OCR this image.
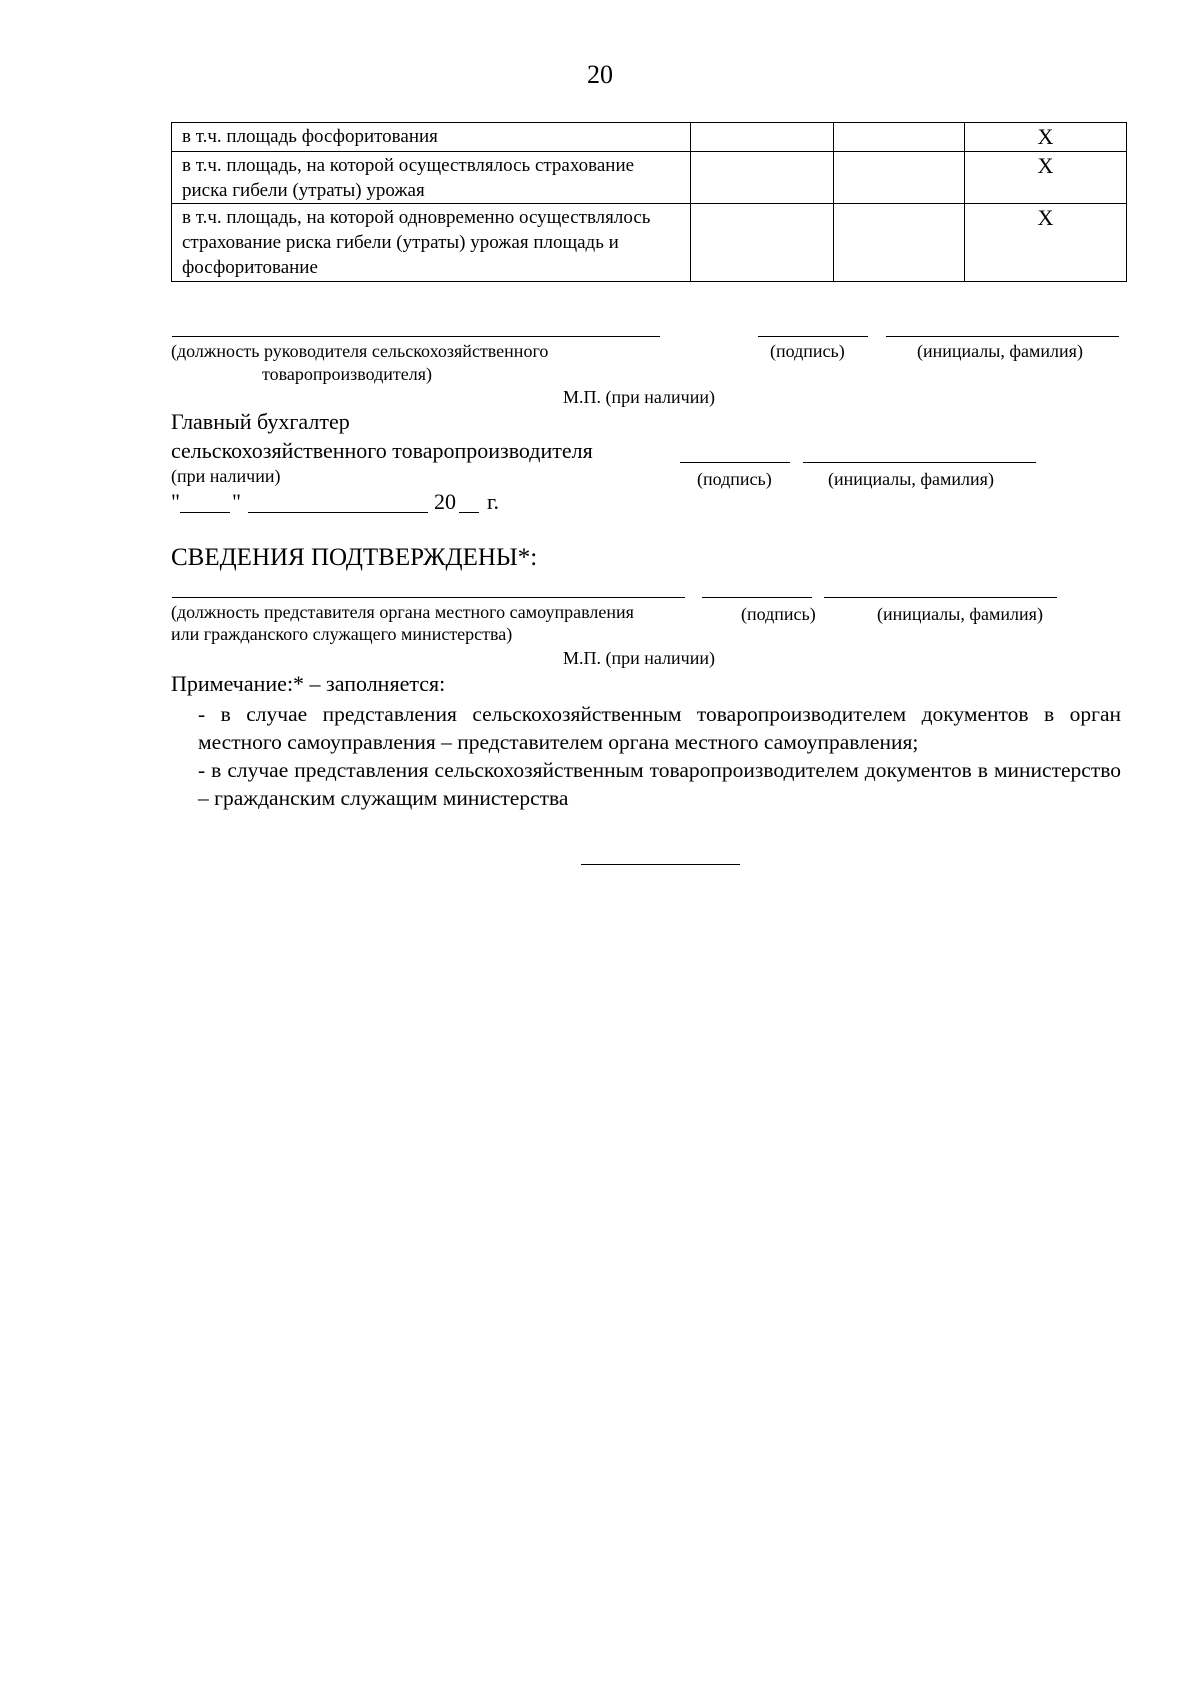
20
в т.ч. площадь фосфоритования			Х
в т.ч. площадь, на которой осуществлялось страхование риска гибели (утраты) урожая			Х
в т.ч. площадь, на которой одновременно осуществлялось страхование риска гибели (утраты) урожая площадь и фосфоритование			Х
(должность руководителя сельскохозяйственного
товаропроизводителя)
(подпись)	(инициалы, фамилия)
М.П. (при наличии)
Главный бухгалтер
сельскохозяйственного товаропроизводителя
(при наличии)	(подпись)	(инициалы, фамилия)
" "	20 г.
СВЕДЕНИЯ ПОДТВЕРЖДЕНЫ*:
(должность представителя органа местного самоуправления
или гражданского служащего министерства)
(подпись)	(инициалы, фамилия)
М.П. (при наличии)
Примечание:* – заполняется:
- в случае представления сельскохозяйственным товаропроизводителем документов в орган местного самоуправления – представителем органа местного самоуправления;
- в случае представления сельскохозяйственным товаропроизводителем документов в министерство – гражданским служащим министерства
